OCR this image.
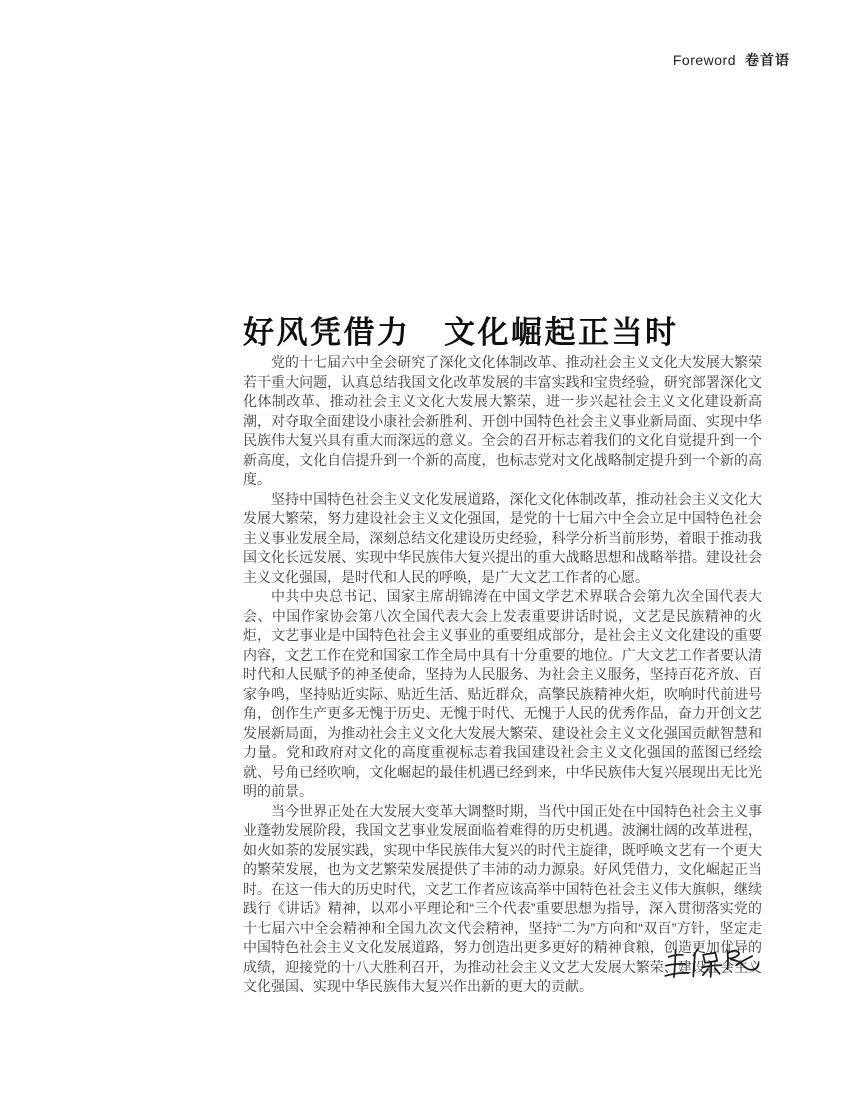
Foreword 卷首语
好风凭借力　文化崛起正当时

党的十七届六中全会研究了深化文化体制改革、推动社会主义文化大发展大繁荣若干重大问题，认真总结我国文化改革发展的丰富实践和宝贵经验，研究部署深化文化体制改革、推动社会主义文化大发展大繁荣，进一步兴起社会主义文化建设新高潮，对夺取全面建设小康社会新胜利、开创中国特色社会主义事业新局面、实现中华民族伟大复兴具有重大而深远的意义。全会的召开标志着我们的文化自觉提升到一个新高度，文化自信提升到一个新的高度，也标志党对文化战略制定提升到一个新的高度。

坚持中国特色社会主义文化发展道路，深化文化体制改革，推动社会主义文化大发展大繁荣，努力建设社会主义文化强国，是党的十七届六中全会立足中国特色社会主义事业发展全局，深刻总结文化建设历史经验，科学分析当前形势，着眼于推动我国文化长远发展、实现中华民族伟大复兴提出的重大战略思想和战略举措。建设社会主义文化强国，是时代和人民的呼唤，是广大文艺工作者的心愿。

中共中央总书记、国家主席胡锦涛在中国文学艺术界联合会第九次全国代表大会、中国作家协会第八次全国代表大会上发表重要讲话时说，文艺是民族精神的火炬，文艺事业是中国特色社会主义事业的重要组成部分，是社会主义文化建设的重要内容，文艺工作在党和国家工作全局中具有十分重要的地位。广大文艺工作者要认清时代和人民赋予的神圣使命，坚持为人民服务、为社会主义服务，坚持百花齐放、百家争鸣，坚持贴近实际、贴近生活、贴近群众，高擎民族精神火炬，吹响时代前进号角，创作生产更多无愧于历史、无愧于时代、无愧于人民的优秀作品，奋力开创文艺发展新局面，为推动社会主义文化大发展大繁荣、建设社会主义文化强国贡献智慧和力量。党和政府对文化的高度重视标志着我国建设社会主义文化强国的蓝图已经绘就、号角已经吹响，文化崛起的最佳机遇已经到来，中华民族伟大复兴展现出无比光明的前景。

当今世界正处在大发展大变革大调整时期，当代中国正处在中国特色社会主义事业蓬勃发展阶段，我国文艺事业发展面临着难得的历史机遇。波澜壮阔的改革进程，如火如荼的发展实践，实现中华民族伟大复兴的时代主旋律，既呼唤文艺有一个更大的繁荣发展，也为文艺繁荣发展提供了丰沛的动力源泉。好风凭借力，文化崛起正当时。在这一伟大的历史时代，文艺工作者应该高举中国特色社会主义伟大旗帜，继续践行《讲话》精神，以邓小平理论和“三个代表”重要思想为指导，深入贯彻落实党的十七届六中全会精神和全国九次文代会精神，坚持“二为”方向和“双百”方针，坚定走中国特色社会主义文化发展道路，努力创造出更多更好的精神食粮，创造更加优异的成绩，迎接党的十八大胜利召开，为推动社会主义文艺大发展大繁荣、建设社会主义文化强国、实现中华民族伟大复兴作出新的更大的贡献。
